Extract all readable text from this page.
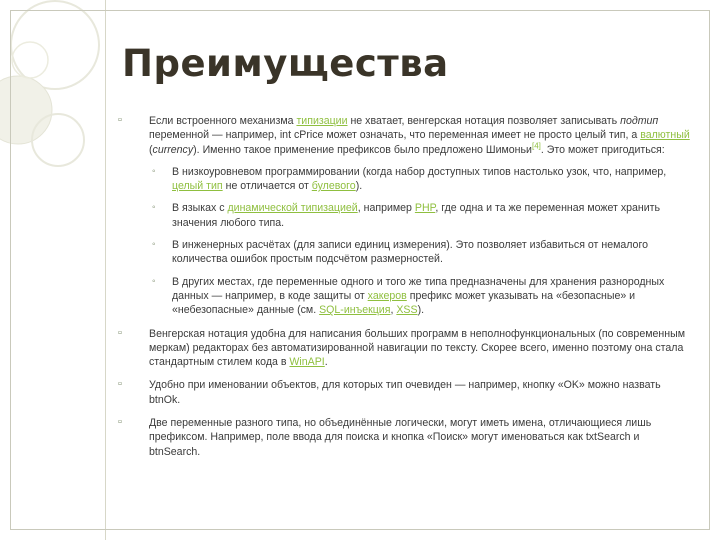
Преимущества
▫ Если встроенного механизма типизации не хватает, венгерская нотация позволяет записывать подтип переменной — например, int cPrice может означать, что переменная имеет не просто целый тип, а валютный (currency). Именно такое применение префиксов было предложено Шимоньи[4]. Это может пригодиться:
◦ В низкоуровневом программировании (когда набор доступных типов настолько узок, что, например, целый тип не отличается от булевого).
◦ В языках с динамической типизацией, например PHP, где одна и та же переменная может хранить значения любого типа.
◦ В инженерных расчётах (для записи единиц измерения). Это позволяет избавиться от немалого количества ошибок простым подсчётом размерностей.
◦ В других местах, где переменные одного и того же типа предназначены для хранения разнородных данных — например, в коде защиты от хакеров префикс может указывать на «безопасные» и «небезопасные» данные (см. SQL-инъекция, XSS).
▫ Венгерская нотация удобна для написания больших программ в неполнофункциональных (по современным меркам) редакторах без автоматизированной навигации по тексту. Скорее всего, именно поэтому она стала стандартным стилем кода в WinAPI.
▫ Удобно при именовании объектов, для которых тип очевиден — например, кнопку «OK» можно назвать btnOk.
▫ Две переменные разного типа, но объединённые логически, могут иметь имена, отличающиеся лишь префиксом. Например, поле ввода для поиска и кнопка «Поиск» могут именоваться как txtSearch и btnSearch.
